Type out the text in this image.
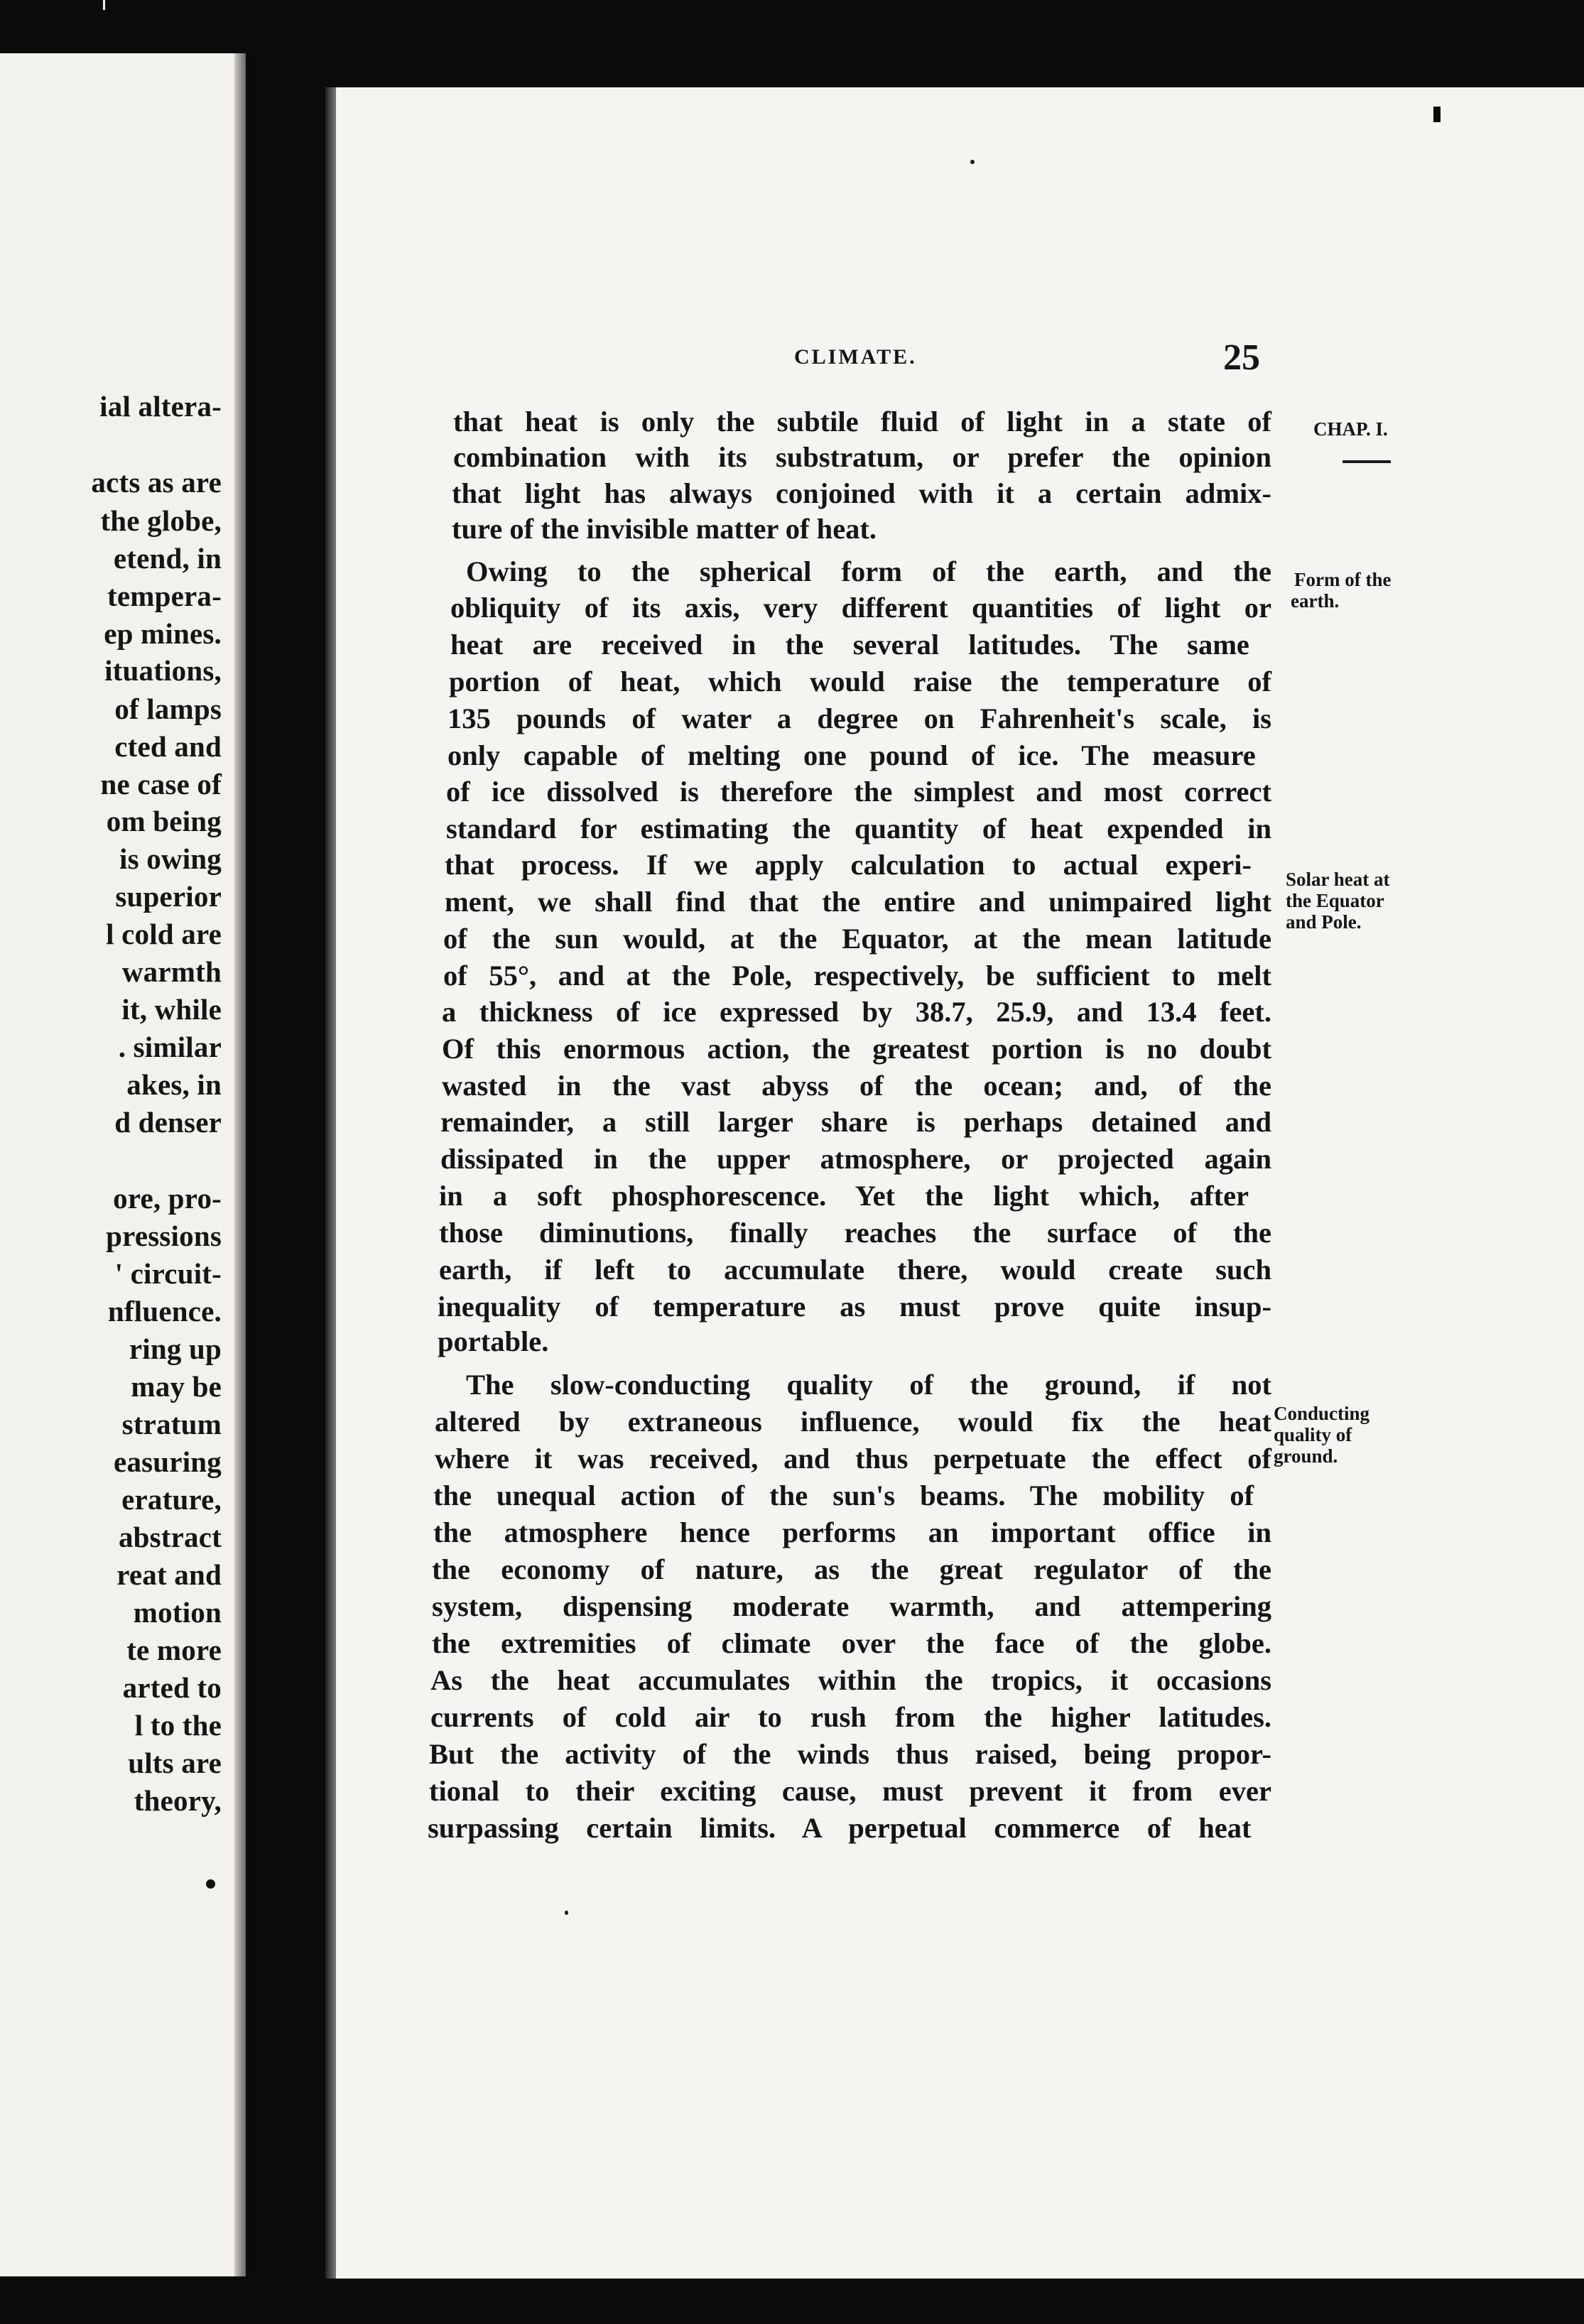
ial altera-

acts as are

the globe,

etend, in

tempera-

ep mines.

ituations,

of lamps

cted and

ne case of

om being

is owing

superior

l cold are

warmth

it, while

. similar

akes, in

d denser

ore, pro-

pressions

' circuit-

nfluence.

ring up

may be

stratum

easuring

erature,

abstract

reat and

motion

te more

arted to

l to the

ults are

theory,

CLIMATE.	25

that heat is only the subtile fluid of light in a state of

combination with its substratum, or prefer the opinion

that light has always conjoined with it a certain admix-

ture of the invisible matter of heat.

Owing to the spherical form of the earth, and the

obliquity of its axis, very different quantities of light or

heat are received in the several latitudes. The same

portion of heat, which would raise the temperature of

135 pounds of water a degree on Fahrenheit's scale, is

only capable of melting one pound of ice. The measure

of ice dissolved is therefore the simplest and most correct

standard for estimating the quantity of heat expended in

that process. If we apply calculation to actual experi-

ment, we shall find that the entire and unimpaired light

of the sun would, at the Equator, at the mean latitude

of 55°, and at the Pole, respectively, be sufficient to melt

a thickness of ice expressed by 38.7, 25.9, and 13.4 feet.

Of this enormous action, the greatest portion is no doubt

wasted in the vast abyss of the ocean; and, of the

remainder, a still larger share is perhaps detained and

dissipated in the upper atmosphere, or projected again

in a soft phosphorescence. Yet the light which, after

those diminutions, finally reaches the surface of the

earth, if left to accumulate there, would create such

inequality of temperature as must prove quite insup-

portable.

The slow-conducting quality of the ground, if not

altered by extraneous influence, would fix the heat

where it was received, and thus perpetuate the effect of

the unequal action of the sun's beams. The mobility of

the atmosphere hence performs an important office in

the economy of nature, as the great regulator of the

system, dispensing moderate warmth, and attempering

the extremities of climate over the face of the globe.

As the heat accumulates within the tropics, it occasions

currents of cold air to rush from the higher latitudes.

But the activity of the winds thus raised, being propor-

tional to their exciting cause, must prevent it from ever

surpassing certain limits. A perpetual commerce of heat

CHAP. I.

Form of the

earth.

Solar heat at

the Equator

and Pole.

Conducting

quality of

ground.
